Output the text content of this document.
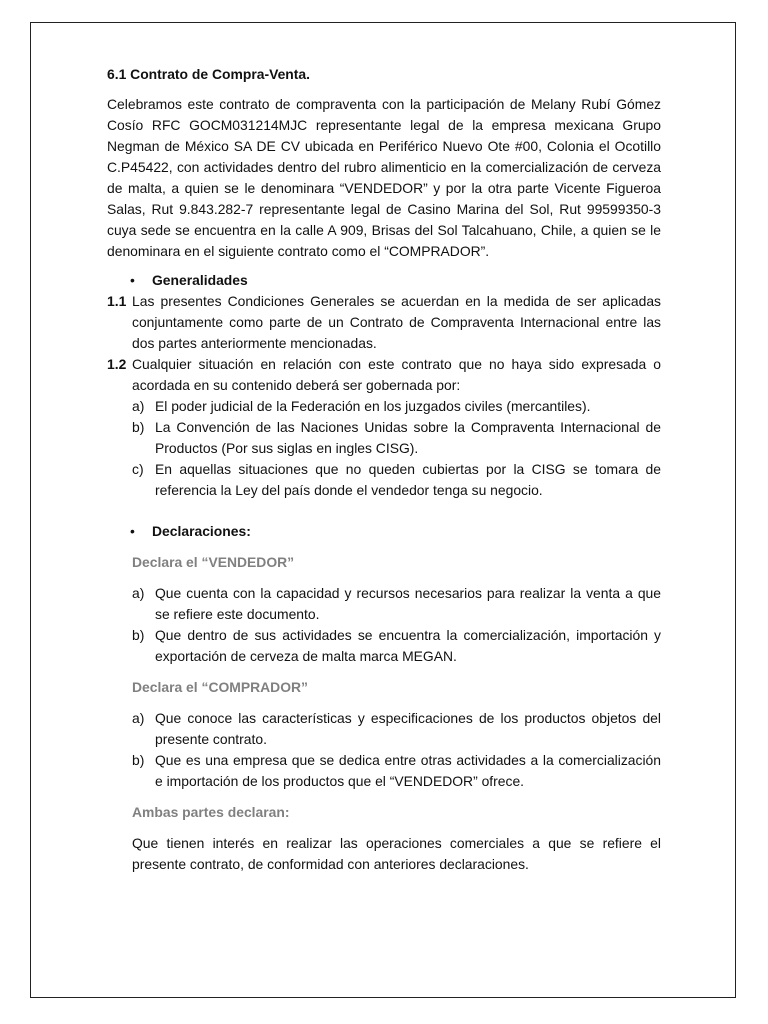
6.1 Contrato de Compra-Venta.

Celebramos este contrato de compraventa con la participación de Melany Rubí Gómez Cosío RFC GOCM031214MJC representante legal de la empresa mexicana Grupo Negman de México SA DE CV ubicada en Periférico Nuevo Ote #00, Colonia el Ocotillo C.P45422, con actividades dentro del rubro alimenticio en la comercialización de cerveza de malta, a quien se le denominara “VENDEDOR” y por la otra parte Vicente Figueroa Salas, Rut 9.843.282-7 representante legal de Casino Marina del Sol, Rut 99599350-3 cuya sede se encuentra en la calle A 909, Brisas del Sol Talcahuano, Chile, a quien se le denominara en el siguiente contrato como el “COMPRADOR”.

• Generalidades

1.1 Las presentes Condiciones Generales se acuerdan en la medida de ser aplicadas conjuntamente como parte de un Contrato de Compraventa Internacional entre las dos partes anteriormente mencionadas.

1.2 Cualquier situación en relación con este contrato que no haya sido expresada o acordada en su contenido deberá ser gobernada por:

a) El poder judicial de la Federación en los juzgados civiles (mercantiles).

b) La Convención de las Naciones Unidas sobre la Compraventa Internacional de Productos (Por sus siglas en ingles CISG).

c) En aquellas situaciones que no queden cubiertas por la CISG se tomara de referencia la Ley del país donde el vendedor tenga su negocio.

• Declaraciones:

Declara el “VENDEDOR”

a) Que cuenta con la capacidad y recursos necesarios para realizar la venta a que se refiere este documento.

b) Que dentro de sus actividades se encuentra la comercialización, importación y exportación de cerveza de malta marca MEGAN.

Declara el “COMPRADOR”

a) Que conoce las características y especificaciones de los productos objetos del presente contrato.

b) Que es una empresa que se dedica entre otras actividades a la comercialización e importación de los productos que el “VENDEDOR” ofrece.

Ambas partes declaran:

Que tienen interés en realizar las operaciones comerciales a que se refiere el presente contrato, de conformidad con anteriores declaraciones.
